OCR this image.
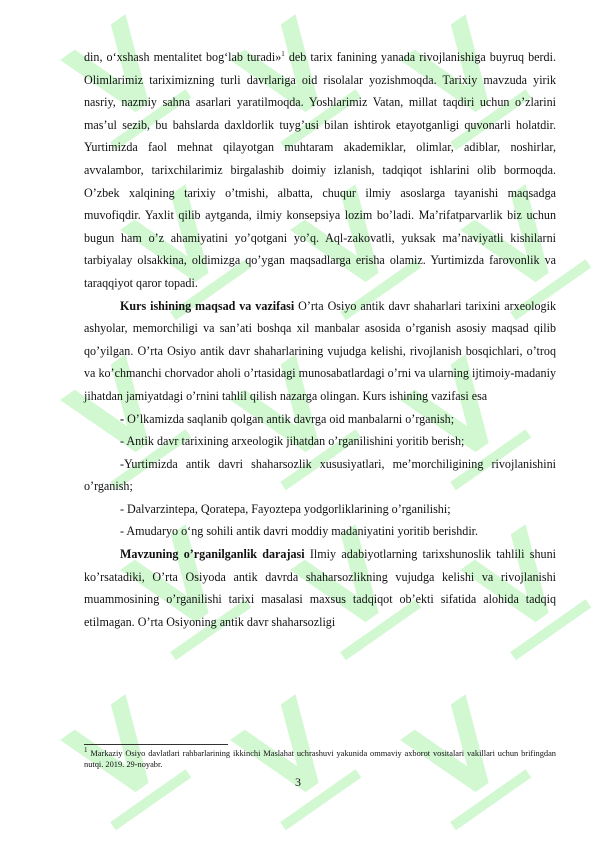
din, o‘xshash mentalitet bog‘lab turadi»$^1$ deb tarix fanining yanada rivojlanishiga buyruq berdi. Olimlarimiz tariximizning turli davrlariga oid risolalar yozishmoqda. Tarixiy mavzuda yirik nasriy, nazmiy sahna asarlari yaratilmoqda. Yoshlarimiz Vatan, millat taqdiri uchun o’zlarini mas’ul sezib, bu bahslarda daxldorlik tuyg’usi bilan ishtirok etayotganligi quvonarli holatdir. Yurtimizda faol mehnat qilayotgan muhtaram akademiklar, olimlar, adiblar, noshirlar, avvalambor, tarixchilarimiz birgalashib doimiy izlanish, tadqiqot ishlarini olib bormoqda. O’zbek xalqining tarixiy o’tmishi, albatta, chuqur ilmiy asoslarga tayanishi maqsadga muvofiqdir. Yaxlit qilib aytganda, ilmiy konsepsiya lozim bo’ladi. Ma’rifatparvarlik biz uchun bugun ham o’z ahamiyatini yo’qotgani yo’q. Aql-zakovatli, yuksak ma’naviyatli kishilarni tarbiyalay olsakkina, oldimizga qo’ygan maqsadlarga erisha olamiz. Yurtimizda farovonlik va taraqqiyot qaror topadi.

Kurs ishining maqsad va vazifasi O’rta Osiyo antik davr shaharlari tarixini arxeologik ashyolar, memorchiligi va san’ati boshqa xil manbalar asosida o’rganish asosiy maqsad qilib qo’yilgan. O’rta Osiyo antik davr shaharlarining vujudga kelishi, rivojlanish bosqichlari, o’troq va ko’chmanchi chorvador aholi o’rtasidagi munosabatlardagi o’rni va ularning ijtimoiy-madaniy jihatdan jamiyatdagi o’rnini tahlil qilish nazarga olingan. Kurs ishining vazifasi esa

- O’lkamizda saqlanib qolgan antik davrga oid manbalarni o’rganish;

- Antik davr tarixining arxeologik jihatdan o’rganilishini yoritib berish;

-Yurtimizda antik davri shaharsozlik xususiyatlari, me’morchiligining rivojlanishini o’rganish;

- Dalvarzintepa, Qoratepa, Fayoztepa yodgorliklarining o’rganilishi;

- Amudaryo o‘ng sohili antik davri moddiy madaniyatini yoritib berishdir.

Mavzuning o’rganilganlik darajasi Ilmiy adabiyotlarning tarixshunoslik tahlili shuni ko’rsatadiki, O’rta Osiyoda antik davrda shaharsozlikning vujudga kelishi va rivojlanishi muammosining o’rganilishi tarixi masalasi maxsus tadqiqot ob’ekti sifatida alohida tadqiq etilmagan. O’rta Osiyoning antik davr shaharsozligi

$^1$ Markaziy Osiyo davlatlari rahbarlarining ikkinchi Maslahat uchrashuvi yakunida ommaviy axborot vositalari vakillari uchun brifingdan nutqi. 2019. 29-noyabr.
3
